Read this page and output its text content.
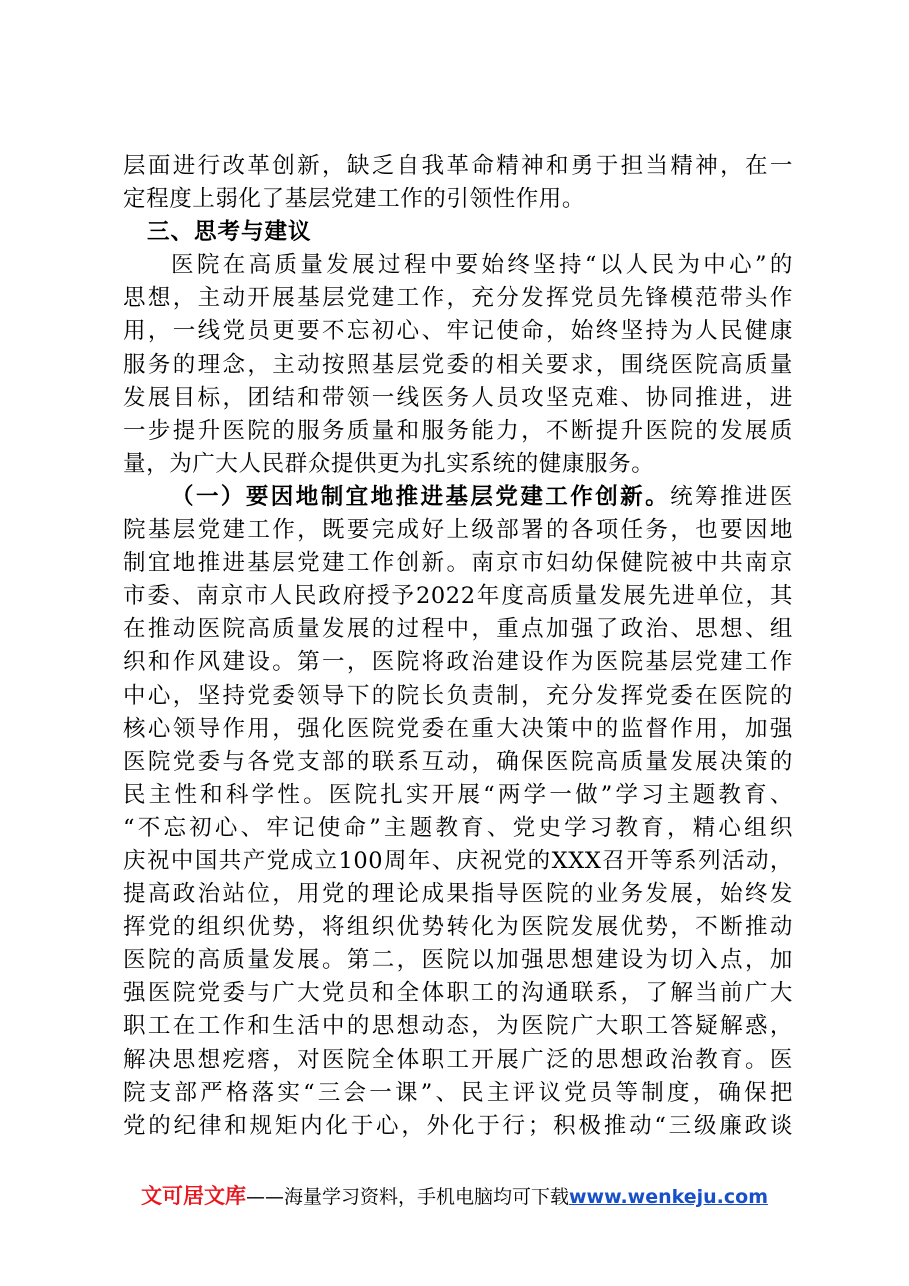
层面进行改革创新，缺乏自我革命精神和勇于担当精神，在一
定程度上弱化了基层党建工作的引领性作用。
三、思考与建议
医院在高质量发展过程中要始终坚持“以人民为中心”的
思想，主动开展基层党建工作，充分发挥党员先锋模范带头作
用，一线党员更要不忘初心、牢记使命，始终坚持为人民健康
服务的理念，主动按照基层党委的相关要求，围绕医院高质量
发展目标，团结和带领一线医务人员攻坚克难、协同推进，进
一步提升医院的服务质量和服务能力，不断提升医院的发展质
量，为广大人民群众提供更为扎实系统的健康服务。
（一）要因地制宜地推进基层党建工作创新。统筹推进医
院基层党建工作，既要完成好上级部署的各项任务，也要因地
制宜地推进基层党建工作创新。南京市妇幼保健院被中共南京
市委、南京市人民政府授予2022年度高质量发展先进单位，其
在推动医院高质量发展的过程中，重点加强了政治、思想、组
织和作风建设。第一，医院将政治建设作为医院基层党建工作
中心，坚持党委领导下的院长负责制，充分发挥党委在医院的
核心领导作用，强化医院党委在重大决策中的监督作用，加强
医院党委与各党支部的联系互动，确保医院高质量发展决策的
民主性和科学性。医院扎实开展“两学一做”学习主题教育、
“不忘初心、牢记使命”主题教育、党史学习教育，精心组织
庆祝中国共产党成立100周年、庆祝党的XXX召开等系列活动，
提高政治站位，用党的理论成果指导医院的业务发展，始终发
挥党的组织优势，将组织优势转化为医院发展优势，不断推动
医院的高质量发展。第二，医院以加强思想建设为切入点，加
强医院党委与广大党员和全体职工的沟通联系，了解当前广大
职工在工作和生活中的思想动态，为医院广大职工答疑解惑，
解决思想疙瘩，对医院全体职工开展广泛的思想政治教育。医
院支部严格落实“三会一课”、民主评议党员等制度，确保把
党的纪律和规矩内化于心，外化于行；积极推动“三级廉政谈
文可居文库——海量学习资料，手机电脑均可下载www.wenkeju.com
